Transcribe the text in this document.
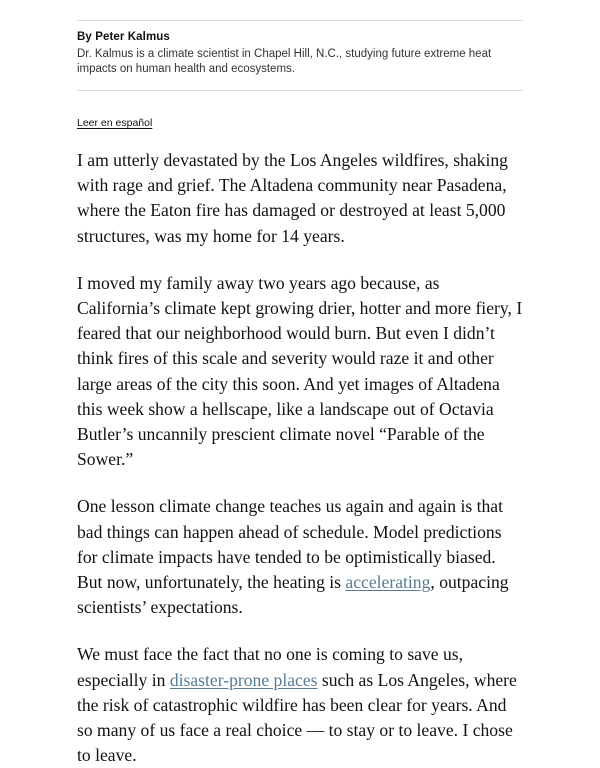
By Peter Kalmus
Dr. Kalmus is a climate scientist in Chapel Hill, N.C., studying future extreme heat impacts on human health and ecosystems.
Leer en español

I am utterly devastated by the Los Angeles wildfires, shaking with rage and grief. The Altadena community near Pasadena, where the Eaton fire has damaged or destroyed at least 5,000 structures, was my home for 14 years.

I moved my family away two years ago because, as California’s climate kept growing drier, hotter and more fiery, I feared that our neighborhood would burn. But even I didn’t think fires of this scale and severity would raze it and other large areas of the city this soon. And yet images of Altadena this week show a hellscape, like a landscape out of Octavia Butler’s uncannily prescient climate novel “Parable of the Sower.”

One lesson climate change teaches us again and again is that bad things can happen ahead of schedule. Model predictions for climate impacts have tended to be optimistically biased. But now, unfortunately, the heating is accelerating, outpacing scientists’ expectations.

We must face the fact that no one is coming to save us, especially in disaster-prone places such as Los Angeles, where the risk of catastrophic wildfire has been clear for years. And so many of us face a real choice — to stay or to leave. I chose to leave.
